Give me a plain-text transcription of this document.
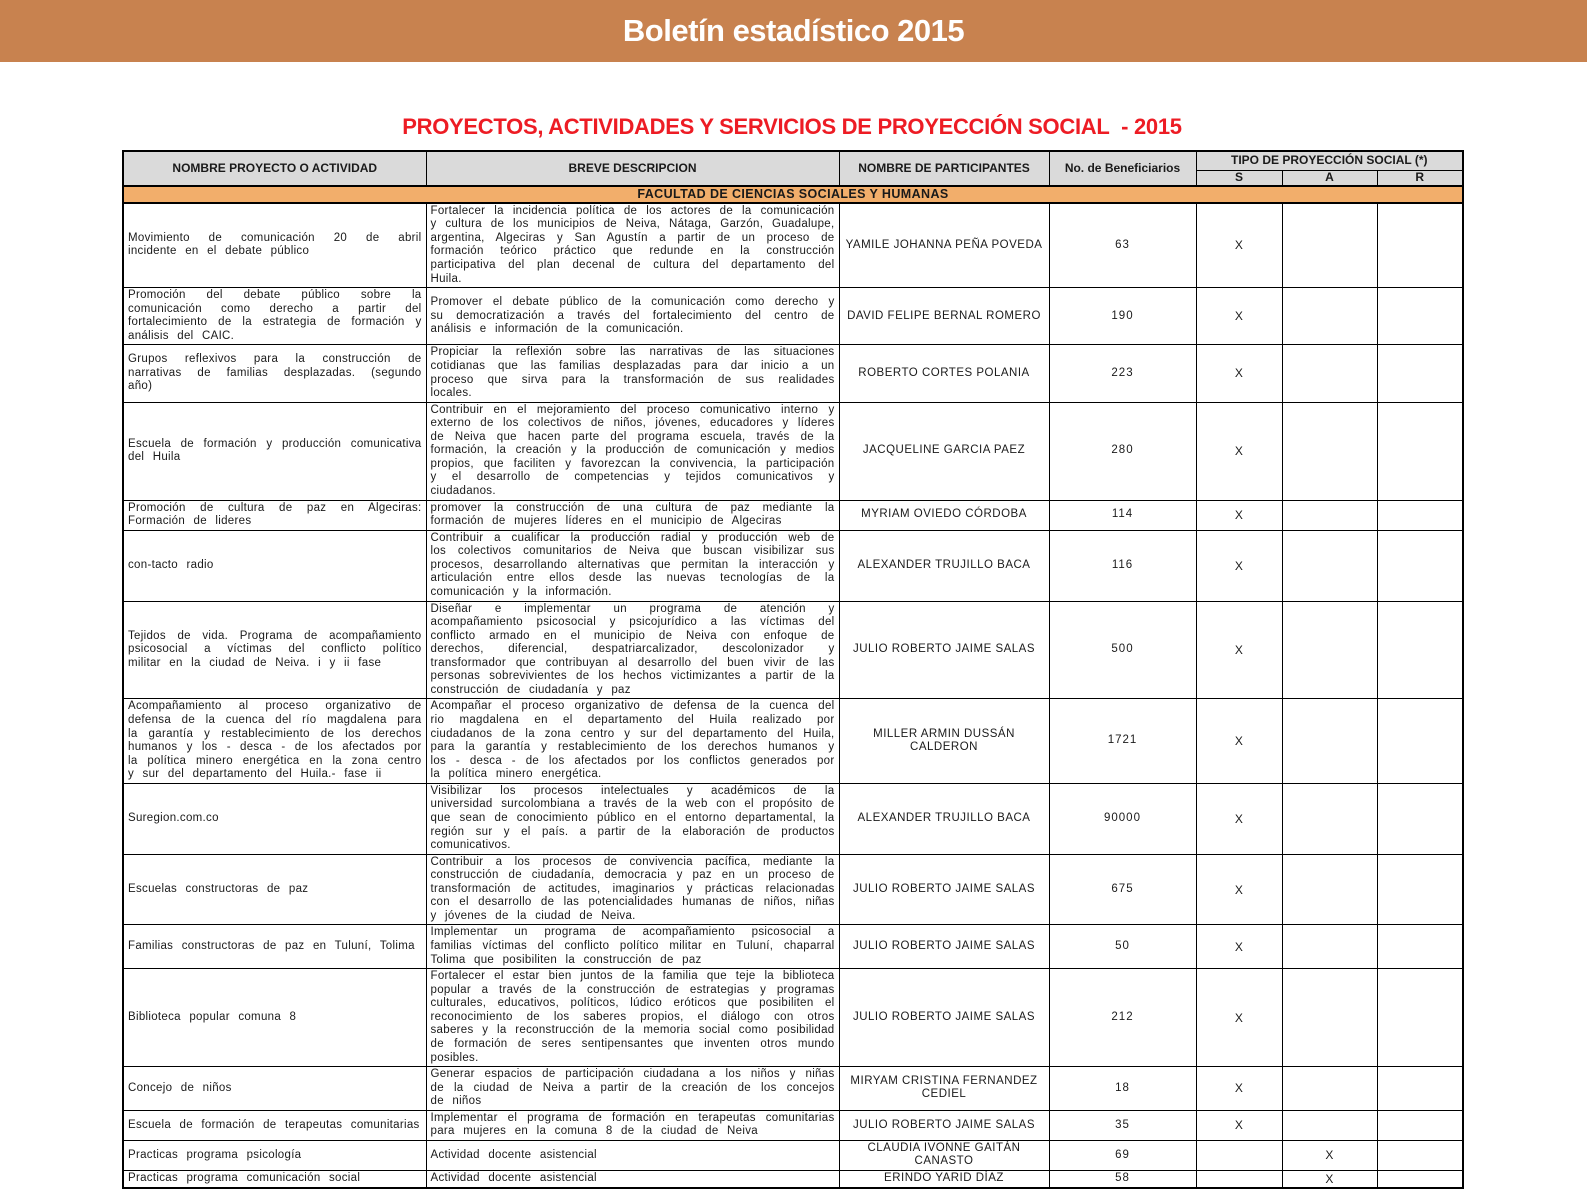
Boletín estadístico 2015
PROYECTOS, ACTIVIDADES Y SERVICIOS DE PROYECCIÓN SOCIAL  - 2015
NOMBRE PROYECTO O ACTIVIDAD	BREVE DESCRIPCION	NOMBRE DE PARTICIPANTES	No. de Beneficiarios	TIPO DE PROYECCIÓN SOCIAL (*)		
				S	A	R
FACULTAD DE CIENCIAS SOCIALES Y HUMANAS						
Movimiento de comunicación 20 de abril incidente en el debate público	Fortalecer la incidencia política de los actores de la comunicación y cultura de los municipios de Neiva, Nátaga, Garzón, Guadalupe, argentina, Algeciras y San Agustín a partir de un proceso de formación teórico práctico que redunde en la construcción participativa del plan decenal de cultura del departamento del Huila.	YAMILE JOHANNA PEÑA POVEDA	63	X		
Promoción del debate público sobre la comunicación como derecho a partir del fortalecimiento de la estrategia de formación y análisis del CAIC.	Promover el debate público de la comunicación como derecho y su democratización a través del fortalecimiento del centro de análisis e información de la comunicación.	DAVID FELIPE BERNAL ROMERO	190	X		
Grupos reflexivos para la construcción de narrativas de familias desplazadas. (segundo año)	Propiciar la reflexión sobre las narrativas de las situaciones cotidianas que las familias desplazadas para dar inicio a un proceso que sirva para la transformación de sus realidades locales.	ROBERTO CORTES POLANIA	223	X		
Escuela de formación y producción comunicativa del Huila	Contribuir en el mejoramiento del proceso comunicativo interno y externo de los colectivos de niños, jóvenes, educadores y líderes de Neiva que hacen parte del programa escuela, través de la formación, la creación y la producción de comunicación y medios propios, que faciliten y favorezcan la convivencia, la participación y el desarrollo de competencias y tejidos comunicativos y ciudadanos.	JACQUELINE GARCIA PAEZ	280	X		
Promoción de cultura de paz en Algeciras: Formación de lideres	promover la construcción de una cultura de paz mediante la formación de mujeres líderes en el municipio de Algeciras	MYRIAM OVIEDO CÓRDOBA	114	X		
con-tacto radio	Contribuir a cualificar la producción radial y producción web de los colectivos comunitarios de Neiva que buscan visibilizar sus procesos, desarrollando alternativas que permitan la interacción y articulación entre ellos desde las nuevas tecnologías de la comunicación y la información.	ALEXANDER TRUJILLO BACA	116	X		
Tejidos de vida. Programa de acompañamiento psicosocial a víctimas del conflicto político militar en la ciudad de Neiva. i y ii fase	Diseñar e implementar un programa de atención y acompañamiento psicosocial y psicojurídico a las víctimas del conflicto armado en el municipio de Neiva con enfoque de derechos, diferencial, despatriarcalizador, descolonizador y transformador que contribuyan al desarrollo del buen vivir de las personas sobrevivientes de los hechos victimizantes a partir de la construcción de ciudadanía y paz	JULIO ROBERTO JAIME SALAS	500	X		
Acompañamiento al proceso organizativo de defensa de la cuenca del río magdalena para la garantía y restablecimiento de los derechos humanos y los - desca - de los afectados por la política minero energética en la zona centro y sur del departamento del Huila.- fase ii	Acompañar el proceso organizativo de defensa de la cuenca del rio magdalena en el departamento del Huila realizado por ciudadanos de la zona centro y sur del departamento del Huila, para la garantía y restablecimiento de los derechos humanos y los - desca - de los afectados por los conflictos generados por la política minero energética.	MILLER ARMIN DUSSÁN CALDERON	1721	X		
Suregion.com.co	Visibilizar los procesos intelectuales y académicos de la universidad surcolombiana a través de la web con el propósito de que sean de conocimiento público en el entorno departamental, la región sur y el país. a partir de la elaboración de productos comunicativos.	ALEXANDER TRUJILLO BACA	90000	X		
Escuelas constructoras de paz	Contribuir a los procesos de convivencia pacífica, mediante la construcción de ciudadanía, democracia y paz en un proceso de transformación de actitudes, imaginarios y prácticas relacionadas con el desarrollo de las potencialidades humanas de niños, niñas y jóvenes de la ciudad de Neiva.	JULIO ROBERTO JAIME SALAS	675	X		
Familias constructoras de paz en Tuluní, Tolima	Implementar un programa de acompañamiento psicosocial a familias víctimas del conflicto político militar en Tuluní, chaparral Tolima que posibiliten la construcción de paz	JULIO ROBERTO JAIME SALAS	50	X		
Biblioteca popular comuna 8	Fortalecer el estar bien juntos de la familia que teje la biblioteca popular a través de la construcción de estrategias y programas culturales, educativos, políticos, lúdico eróticos que posibiliten el reconocimiento de los saberes propios, el diálogo con otros saberes y la reconstrucción de la memoria social como posibilidad de formación de seres sentipensantes que inventen otros mundo posibles.	JULIO ROBERTO JAIME SALAS	212	X		
Concejo de niños	Generar espacios de participación ciudadana a los niños y niñas de la ciudad de Neiva a partir de la creación de los concejos de niños	MIRYAM CRISTINA FERNANDEZ CEDIEL	18	X		
Escuela de formación de terapeutas comunitarias	Implementar el programa de formación en terapeutas comunitarias para mujeres en la comuna 8 de la ciudad de Neiva	JULIO ROBERTO JAIME SALAS	35	X		
Practicas programa psicología	Actividad docente asistencial	CLAUDIA IVONNE GAITÁN CANASTO	69		X	
Practicas programa comunicación social	Actividad docente asistencial	ERINDO YARID DÍAZ	58		X	
